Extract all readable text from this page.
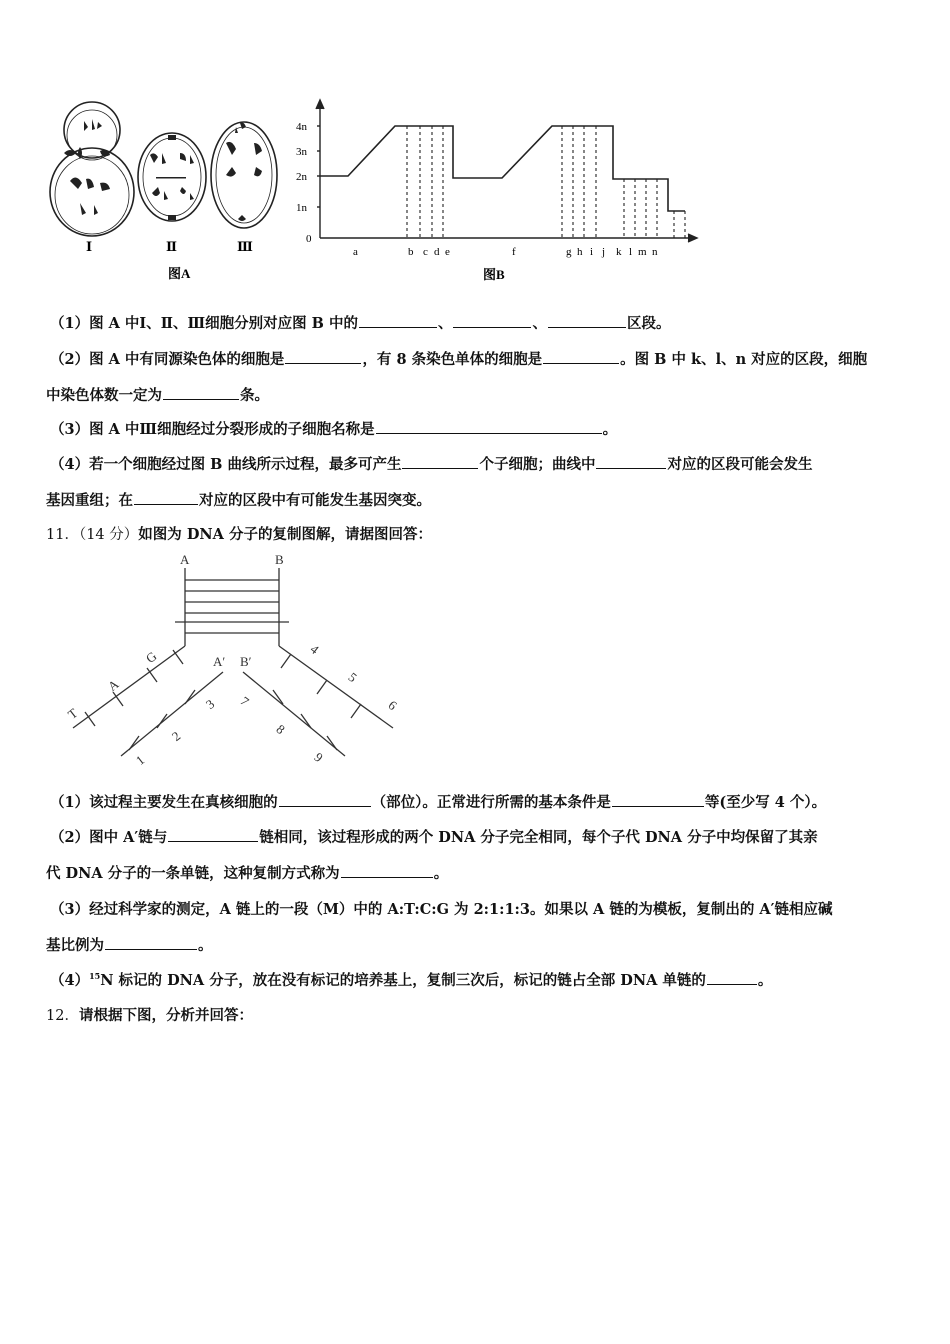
Ⅰ	Ⅱ	Ⅲ
图A
4n
3n
2n
1n
0
a	b c d e	f	g h i j k l m n
图B
（1）图 A 中Ⅰ、Ⅱ、Ⅲ细胞分别对应图 B 中的	、	、	区段。
（2）图 A 中有同源染色体的细胞是	，有 8 条染色单体的细胞是	。图 B 中 k、l、n 对应的区段，细胞
中染色体数一定为	条。
（3）图 A 中Ⅲ细胞经过分裂形成的子细胞名称是	。
（4）若一个细胞经过图 B 曲线所示过程，最多可产生	个子细胞；曲线中	对应的区段可能会发生
基因重组；在	对应的区段中有可能发生基因突变。
11．（14 分）如图为 DNA 分子的复制图解，请据图回答：
A	B
A′ B′
T
A
G	4
5
6
1
2
3 7
8
9
（1）该过程主要发生在真核细胞的	（部位）。正常进行所需的基本条件是	等(至少写 4 个）。
（2）图中 A′链与	链相同，该过程形成的两个 DNA 分子完全相同，每个子代 DNA 分子中均保留了其亲
代 DNA 分子的一条单链，这种复制方式称为	。
（3）经过科学家的测定，A 链上的一段（M）中的 A:T:C:G 为 2:1:1:3。如果以 A 链的为模板，复制出的 A′链相应碱
基比例为	。
$(4)^{15}N$ 标记的 DNA 分子，放在没有标记的培养基上，复制三次后，标记的链占全部 DNA 单链的	。
12．请根据下图，分析并回答：
